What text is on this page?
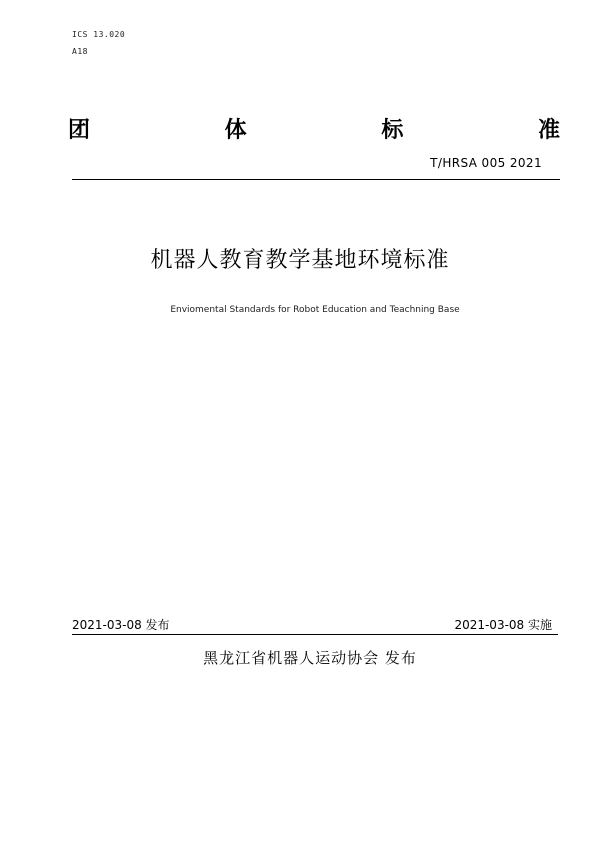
ICS 13.020
A18
团	体	标	准
T/HRSA 005 2021
机器人教育教学基地环境标准
Enviomental Standards for Robot Education and Teachning Base
2021-03-08 发布	2021-03-08 实施
黑龙江省机器人运动协会 发布
